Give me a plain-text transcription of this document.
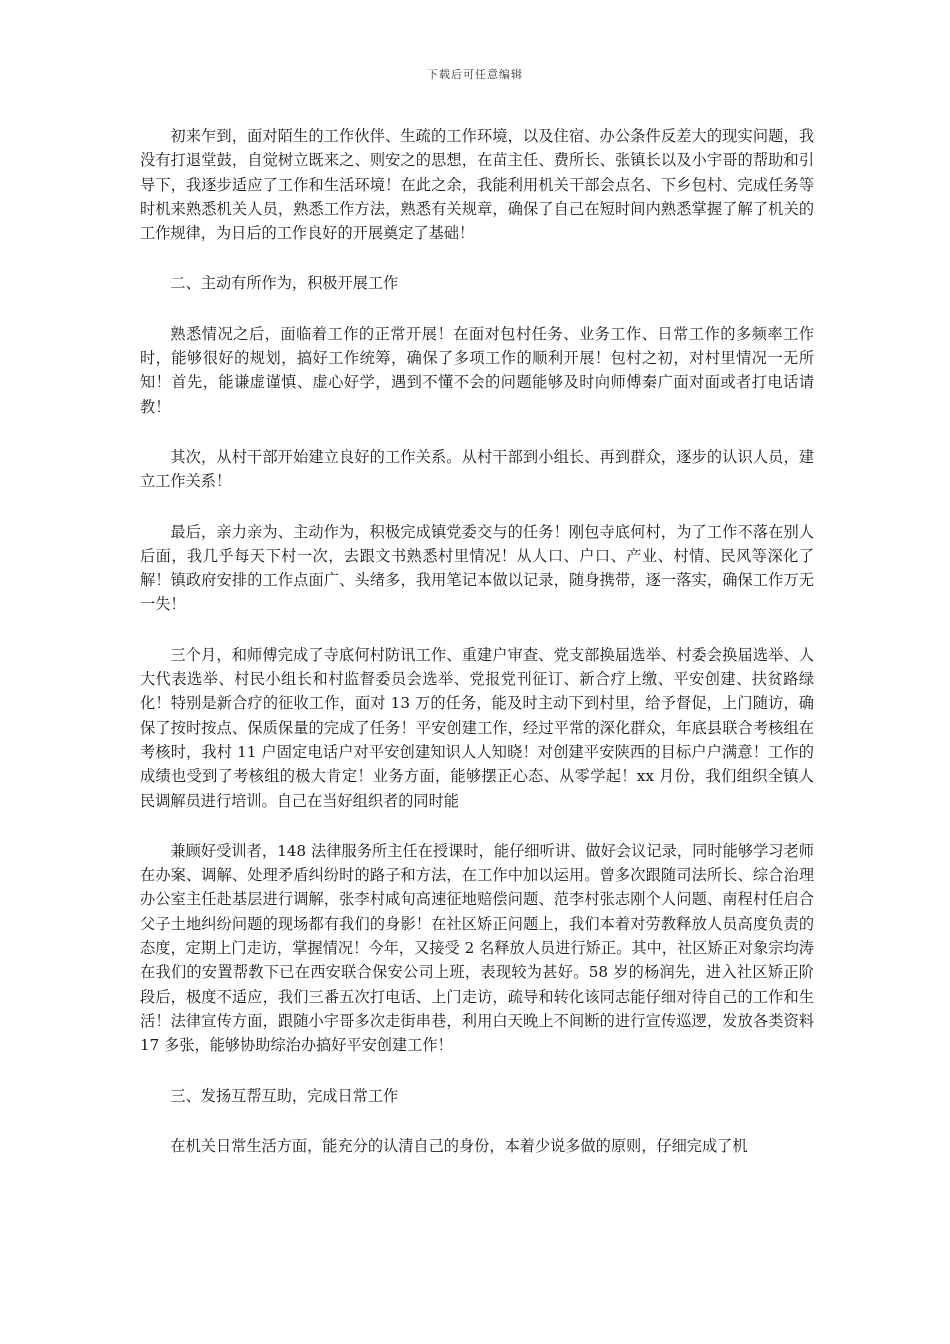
下载后可任意编辑

初来乍到，面对陌生的工作伙伴、生疏的工作环境，以及住宿、办公条件反差大的现实问题，我没有打退堂鼓，自觉树立既来之、则安之的思想，在苗主任、费所长、张镇长以及小宇哥的帮助和引导下，我逐步适应了工作和生活环境！在此之余，我能利用机关干部会点名、下乡包村、完成任务等时机来熟悉机关人员，熟悉工作方法，熟悉有关规章，确保了自己在短时间内熟悉掌握了解了机关的工作规律，为日后的工作良好的开展奠定了基础！

二、主动有所作为，积极开展工作

熟悉情况之后，面临着工作的正常开展！在面对包村任务、业务工作、日常工作的多频率工作时，能够很好的规划，搞好工作统筹，确保了多项工作的顺利开展！包村之初，对村里情况一无所知！首先，能谦虚谨慎、虚心好学，遇到不懂不会的问题能够及时向师傅秦广面对面或者打电话请教！

其次，从村干部开始建立良好的工作关系。从村干部到小组长、再到群众，逐步的认识人员，建立工作关系！

最后，亲力亲为、主动作为，积极完成镇党委交与的任务！刚包寺底何村，为了工作不落在别人后面，我几乎每天下村一次，去跟文书熟悉村里情况！从人口、户口、产业、村情、民风等深化了解！镇政府安排的工作点面广、头绪多，我用笔记本做以记录，随身携带，逐一落实，确保工作万无一失！

三个月，和师傅完成了寺底何村防讯工作、重建户审查、党支部换届选举、村委会换届选举、人大代表选举、村民小组长和村监督委员会选举、党报党刊征订、新合疗上缴、平安创建、扶贫路绿化！特别是新合疗的征收工作，面对 13 万的任务，能及时主动下到村里，给予督促，上门随访，确保了按时按点、保质保量的完成了任务！平安创建工作，经过平常的深化群众，年底县联合考核组在考核时，我村 11 户固定电话户对平安创建知识人人知晓！对创建平安陕西的目标户户满意！工作的成绩也受到了考核组的极大肯定！业务方面，能够摆正心态、从零学起！xx 月份，我们组织全镇人民调解员进行培训。自己在当好组织者的同时能

兼顾好受训者，148 法律服务所主任在授课时，能仔细听讲、做好会议记录，同时能够学习老师在办案、调解、处理矛盾纠纷时的路子和方法，在工作中加以运用。曾多次跟随司法所长、综合治理办公室主任赴基层进行调解，张李村咸旬高速征地赔偿问题、范李村张志刚个人问题、南程村任启合父子土地纠纷问题的现场都有我们的身影！在社区矫正问题上，我们本着对劳教释放人员高度负责的态度，定期上门走访，掌握情况！今年，又接受 2 名释放人员进行矫正。其中，社区矫正对象宗均涛在我们的安置帮教下已在西安联合保安公司上班，表现较为甚好。58 岁的杨润先，进入社区矫正阶段后，极度不适应，我们三番五次打电话、上门走访，疏导和转化该同志能仔细对待自己的工作和生活！法律宣传方面，跟随小宇哥多次走街串巷，利用白天晚上不间断的进行宣传巡逻，发放各类资料 17 多张，能够协助综治办搞好平安创建工作！

三、发扬互帮互助，完成日常工作

在机关日常生活方面，能充分的认清自己的身份，本着少说多做的原则，仔细完成了机
